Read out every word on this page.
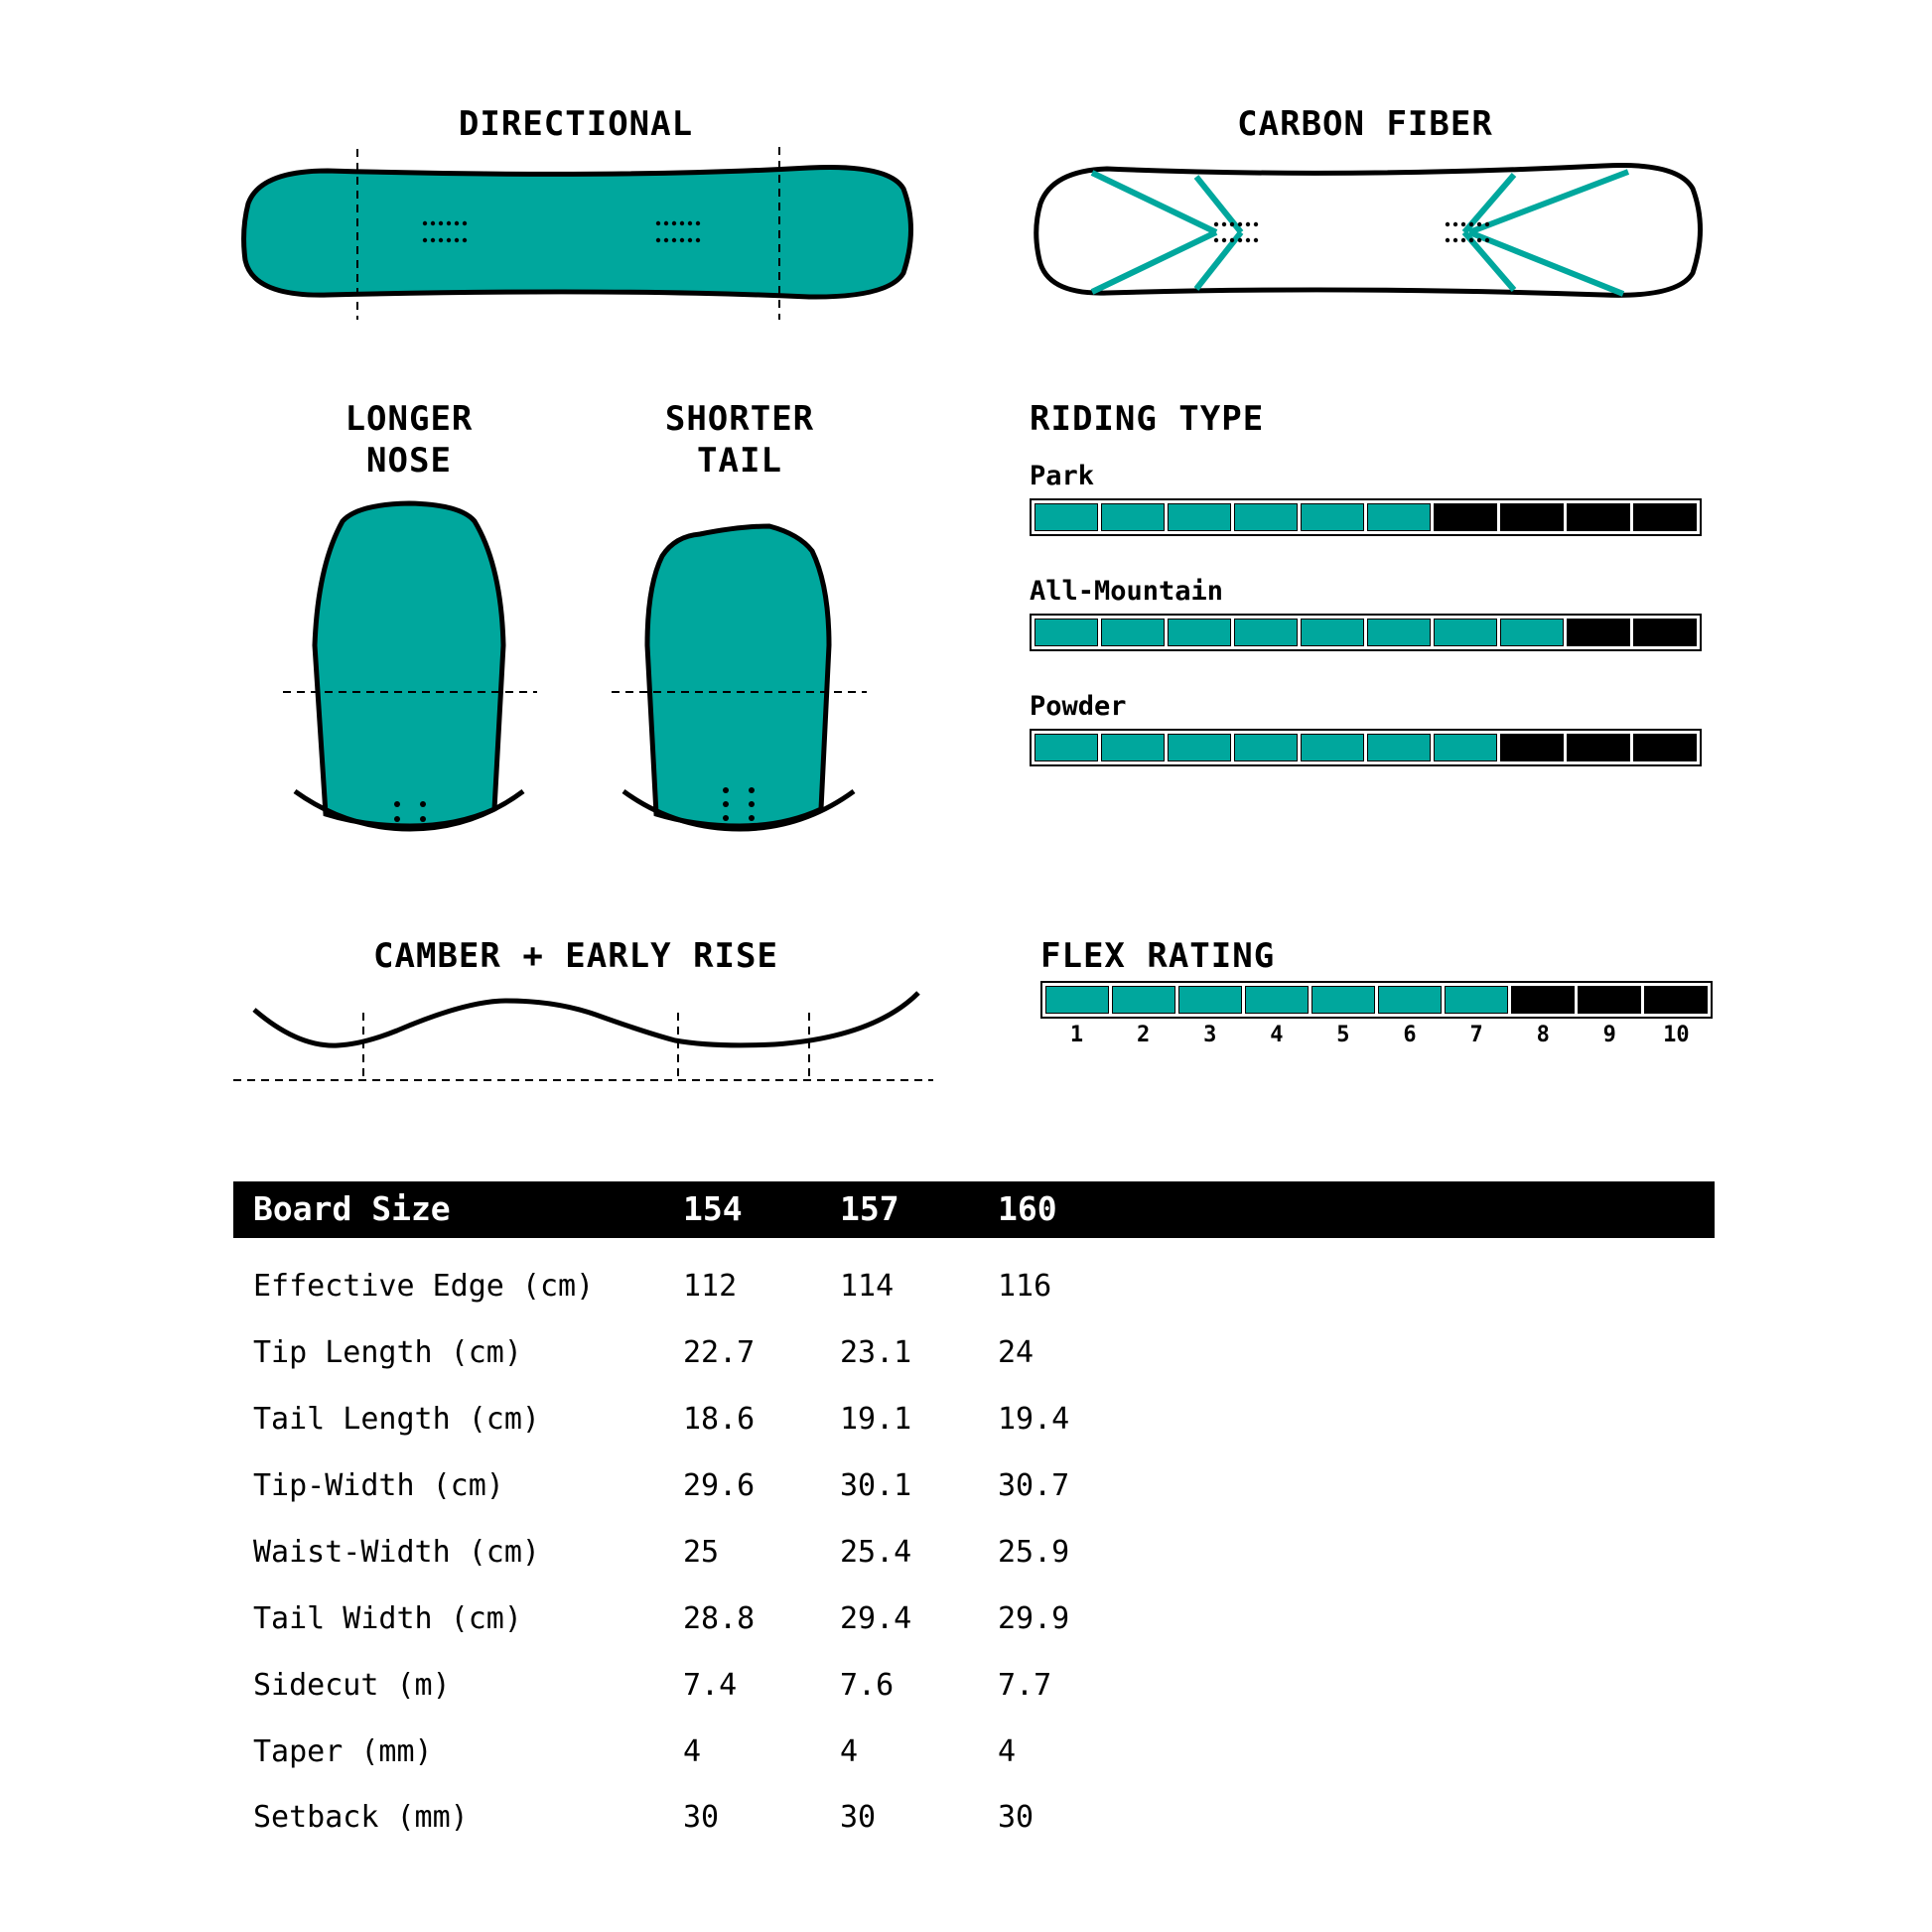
DIRECTIONAL	CARBON FIBER
LONGER
NOSE
SHORTER
TAIL
RIDING TYPE
Park
All-Mountain
Powder
CAMBER + EARLY RISE	FLEX RATING
1	2	3	4	5	6	7	8	9	10
Board Size	154	157	160
Effective Edge (cm)	112	114	116
Tip Length (cm)	22.7	23.1	24
Tail Length (cm)	18.6	19.1	19.4
Tip-Width (cm)	29.6	30.1	30.7
Waist-Width (cm)	25	25.4	25.9
Tail Width (cm)	28.8	29.4	29.9
Sidecut (m)	7.4	7.6	7.7
Taper (mm)	4	4	4
Setback (mm)	30	30	30
